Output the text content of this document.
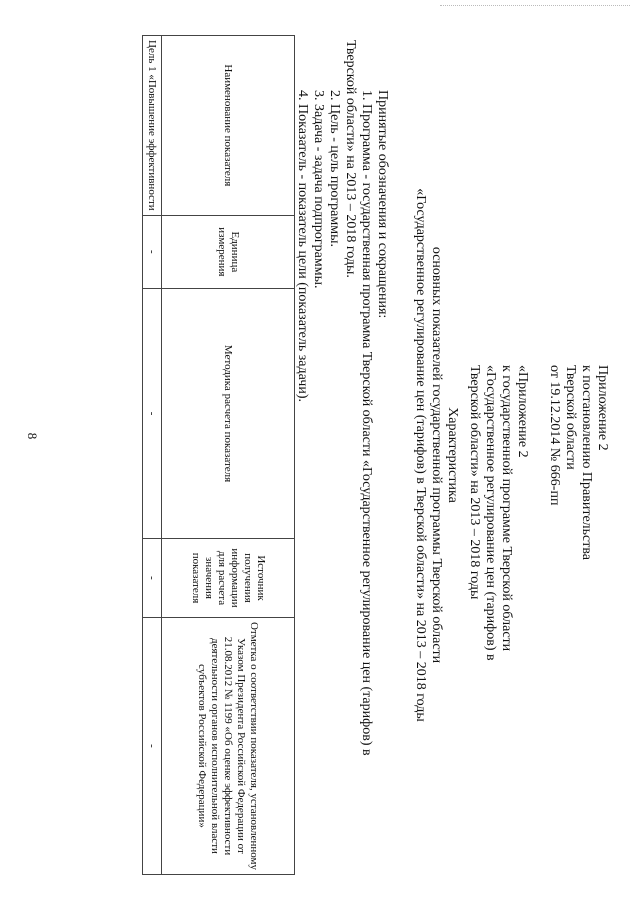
8	Приложение 2
к постановлению Правительства
Тверской области
от 19.12.2014 № 666-пп
«Приложение 2
к государственной программе Тверской области
«Государственное регулирование цен (тарифов) в
Тверской области» на 2013 – 2018 годы
Характеристика
основных показателей государственной программы Тверской области
«Государственное регулирование цен (тарифов) в Тверской области» на 2013 – 2018 годы
Принятые обозначения и сокращения:
1. Программа - государственная программа Тверской области «Государственное регулирование цен (тарифов) в
Тверской области» на 2013 – 2018 годы.
2. Цель - цель программы.
3. Задача - задача подпрограммы.
4. Показатель - показатель цели (показатель задачи).
Наименование показателя	Единица измерения	Методика расчета показателя	Источник получения информации для расчета значения показателя	Отметка о соответствии показателя, установленному Указом Президента Российской Федерации от 21.08.2012 № 1199 «Об оценке эффективности деятельности органов исполнительной власти субъектов Российской Федерации»
Цель 1 «Повышение эффективности	-	-	-	-
